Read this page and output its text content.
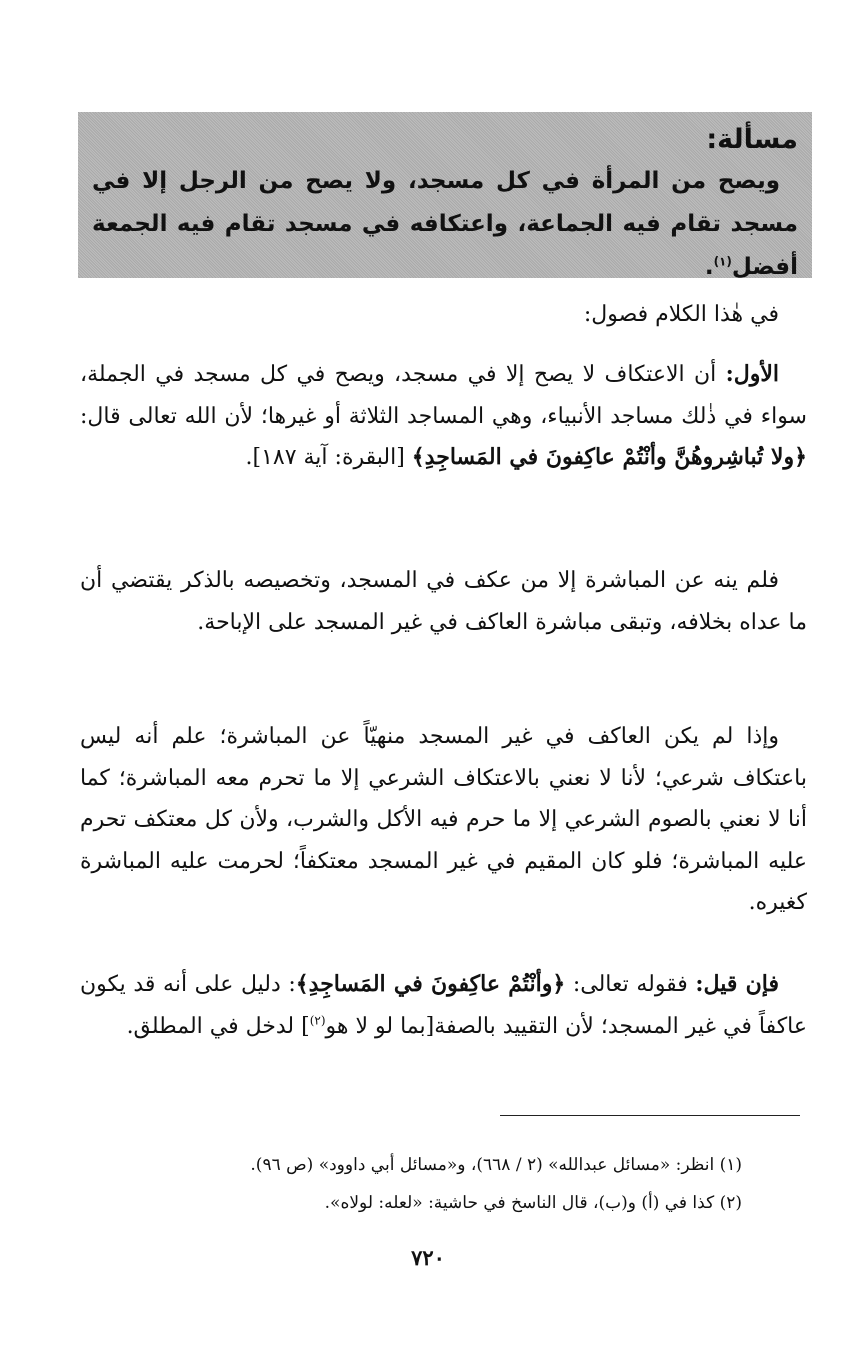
مسألة:

ويصح من المرأة في كل مسجد، ولا يصح من الرجل إلا في مسجد تقام فيه الجماعة، واعتكافه في مسجد تقام فيه الجمعة أفضل$^{(١)}$.

في هٰذا الكلام فصول:

الأول: أن الاعتكاف لا يصح إلا في مسجد، ويصح في كل مسجد في الجملة، سواء في ذٰلك مساجد الأنبياء، وهي المساجد الثلاثة أو غيرها؛ لأن الله تعالى قال: ﴿ولا تُباشِروهُنَّ وأنْتُمْ عاكِفونَ في المَساجِدِ﴾ [البقرة: آية ١٨٧].

فلم ينه عن المباشرة إلا من عكف في المسجد، وتخصيصه بالذكر يقتضي أن ما عداه بخلافه، وتبقى مباشرة العاكف في غير المسجد على الإباحة.

وإذا لم يكن العاكف في غير المسجد منهيّاً عن المباشرة؛ علم أنه ليس باعتكاف شرعي؛ لأنا لا نعني بالاعتكاف الشرعي إلا ما تحرم معه المباشرة؛ كما أنا لا نعني بالصوم الشرعي إلا ما حرم فيه الأكل والشرب، ولأن كل معتكف تحرم عليه المباشرة؛ فلو كان المقيم في غير المسجد معتكفاً؛ لحرمت عليه المباشرة كغيره.

فإن قيل: فقوله تعالى: ﴿وأنْتُمْ عاكِفونَ في المَساجِدِ﴾: دليل على أنه قد يكون عاكفاً في غير المسجد؛ لأن التقييد بالصفة[بما لو لا هو$^{(٢)}$] لدخل في المطلق.

(١) انظر: «مسائل عبدالله» (٢ / ٦٦٨)، و«مسائل أبي داوود» (ص ٩٦).
(٢) كذا في (أ) و(ب)، قال الناسخ في حاشية: «لعله: لولاه».
٧٢٠
